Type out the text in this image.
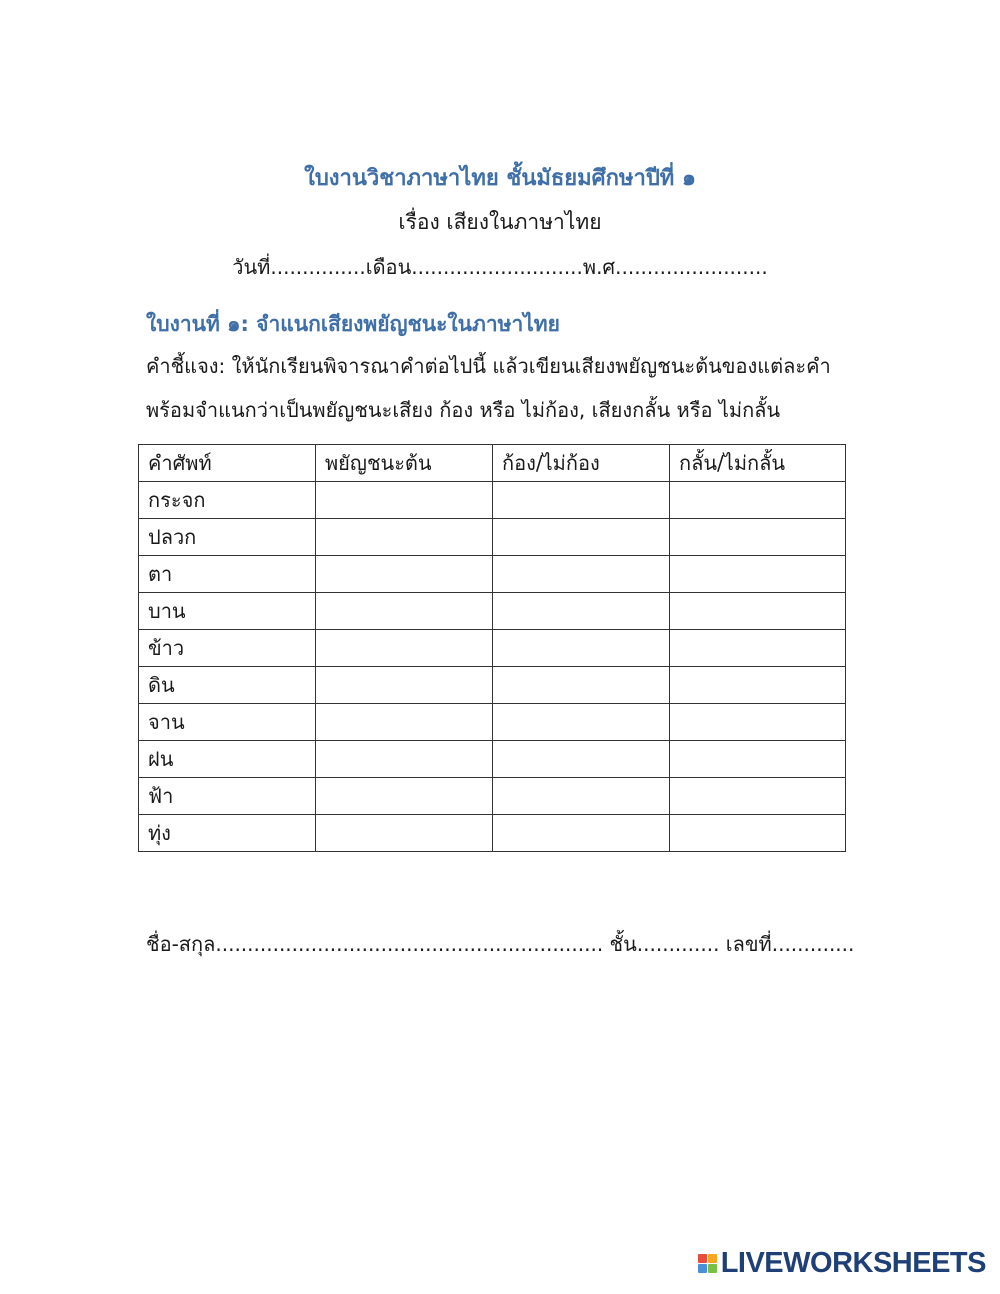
ใบงานวิชาภาษาไทย ชั้นมัธยมศึกษาปีที่ ๑
เรื่อง เสียงในภาษาไทย
วันที่...............เดือน...........................พ.ศ........................
ใบงานที่ ๑: จำแนกเสียงพยัญชนะในภาษาไทย
คำชี้แจง: ให้นักเรียนพิจารณาคำต่อไปนี้ แล้วเขียนเสียงพยัญชนะต้นของแต่ละคำ
พร้อมจำแนกว่าเป็นพยัญชนะเสียง ก้อง หรือ ไม่ก้อง, เสียงกลั้น หรือ ไม่กลั้น
คำศัพท์	พยัญชนะต้น	ก้อง/ไม่ก้อง	กลั้น/ไม่กลั้น
กระจก			
ปลวก			
ตา			
บาน			
ข้าว			
ดิน			
จาน			
ฝน			
ฟ้า			
ทุ่ง			
ชื่อ-สกุล............................................................. ชั้น............. เลขที่.............
LIVEWORKSHEETS
